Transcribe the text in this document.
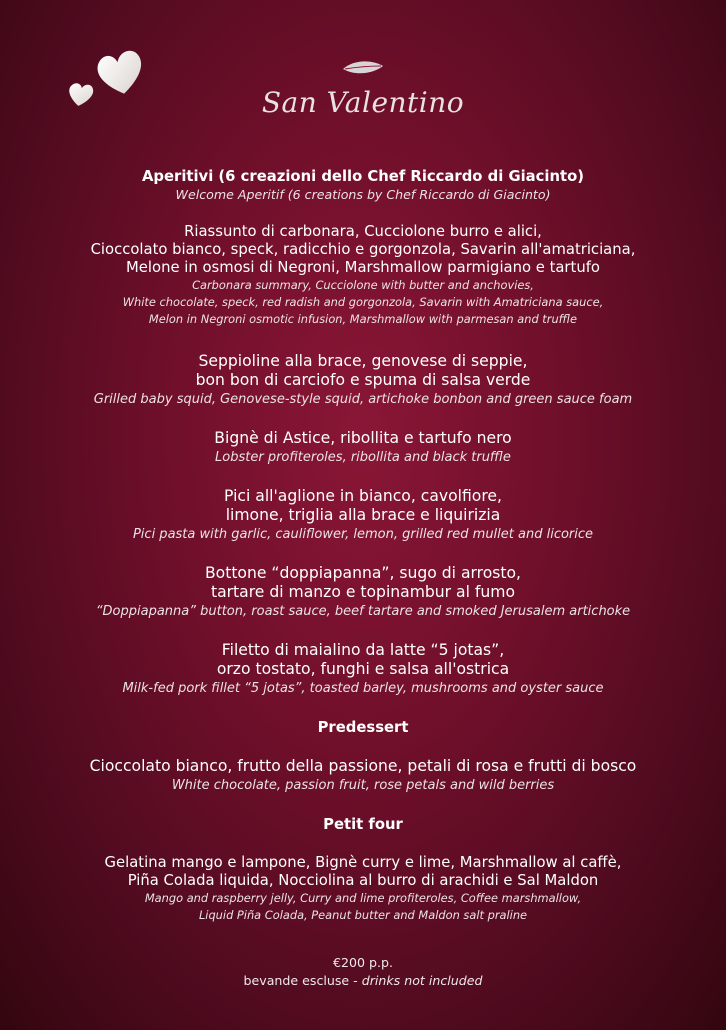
San Valentino
Aperitivi (6 creazioni dello Chef Riccardo di Giacinto)
Welcome Aperitif (6 creations by Chef Riccardo di Giacinto)
Riassunto di carbonara, Cucciolone burro e alici,
Cioccolato bianco, speck, radicchio e gorgonzola, Savarin all'amatriciana,
Melone in osmosi di Negroni, Marshmallow parmigiano e tartufo
Carbonara summary, Cucciolone with butter and anchovies,
White chocolate, speck, red radish and gorgonzola, Savarin with Amatriciana sauce,
Melon in Negroni osmotic infusion, Marshmallow with parmesan and truffle
Seppioline alla brace, genovese di seppie,
bon bon di carciofo e spuma di salsa verde
Grilled baby squid, Genovese-style squid, artichoke bonbon and green sauce foam
Bignè di Astice, ribollita e tartufo nero
Lobster profiteroles, ribollita and black truffle
Pici all'aglione in bianco, cavolfiore,
limone, triglia alla brace e liquirizia
Pici pasta with garlic, cauliflower, lemon, grilled red mullet and licorice
Bottone “doppiapanna”, sugo di arrosto,
tartare di manzo e topinambur al fumo
“Doppiapanna” button, roast sauce, beef tartare and smoked Jerusalem artichoke
Filetto di maialino da latte “5 jotas”,
orzo tostato, funghi e salsa all'ostrica
Milk-fed pork fillet “5 jotas”, toasted barley, mushrooms and oyster sauce
Predessert
Cioccolato bianco, frutto della passione, petali di rosa e frutti di bosco
White chocolate, passion fruit, rose petals and wild berries
Petit four
Gelatina mango e lampone, Bignè curry e lime, Marshmallow al caffè,
Piña Colada liquida, Nocciolina al burro di arachidi e Sal Maldon
Mango and raspberry jelly, Curry and lime profiteroles, Coffee marshmallow,
Liquid Piña Colada, Peanut butter and Maldon salt praline
€200 p.p.
bevande escluse - drinks not included
